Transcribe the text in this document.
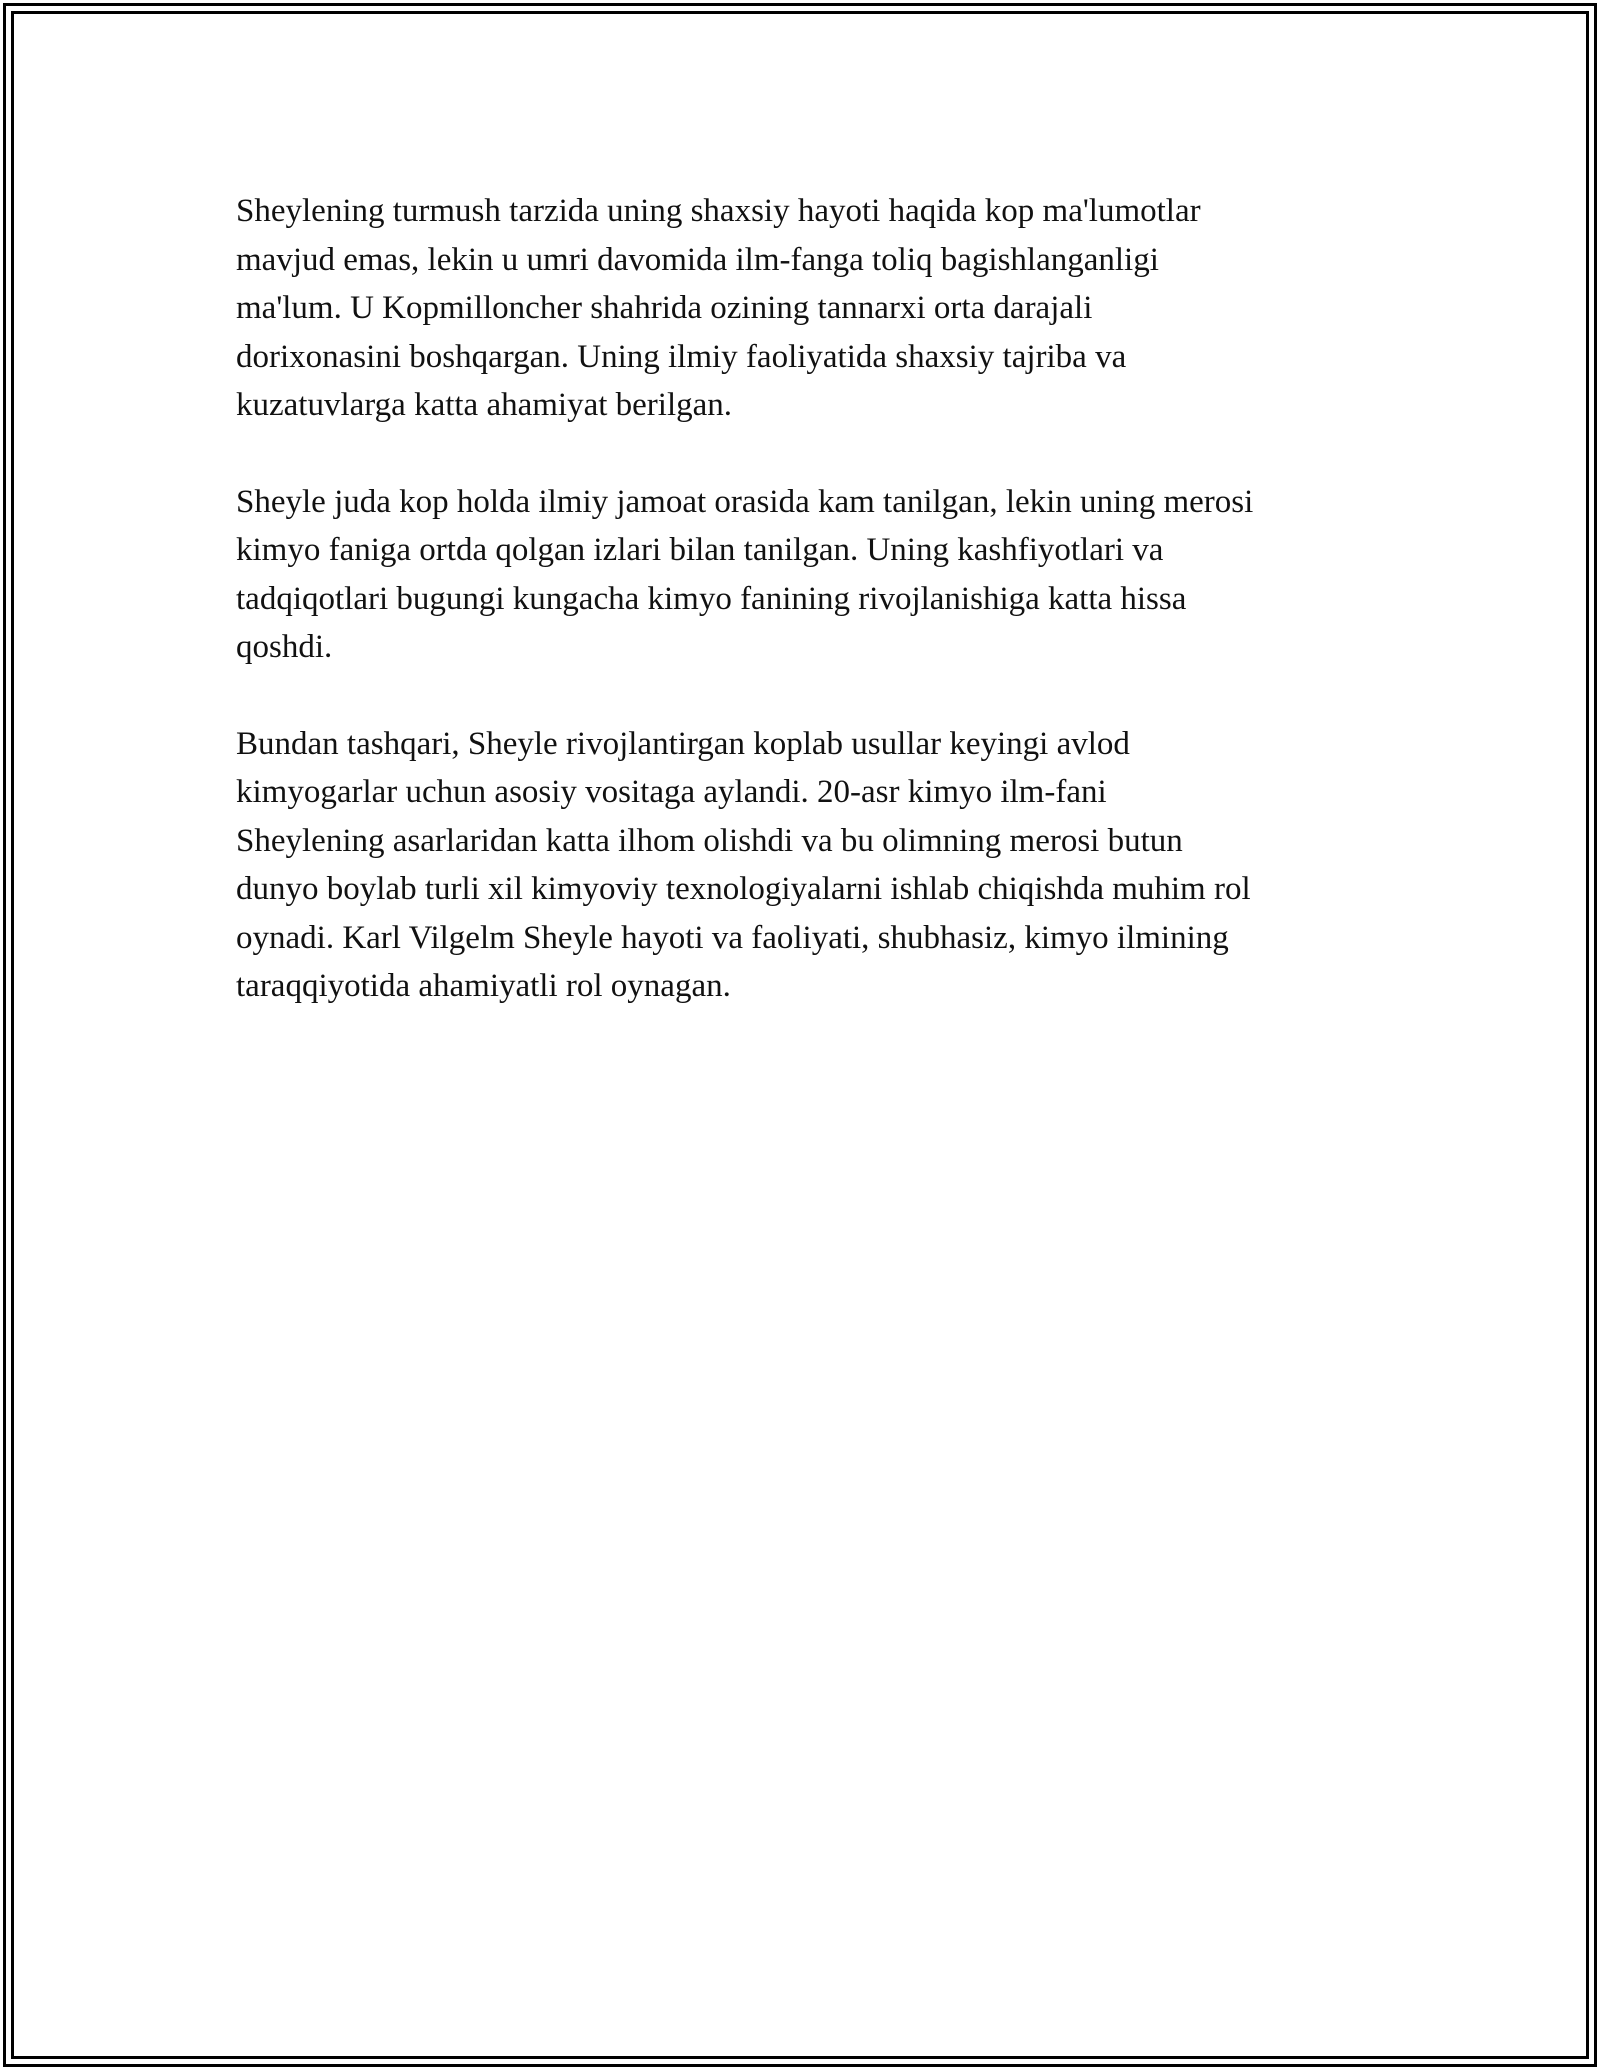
Sheylening turmush tarzida uning shaxsiy hayoti haqida kop ma'lumotlar
mavjud emas, lekin u umri davomida ilm-fanga toliq bagishlanganligi
ma'lum. U Kopmilloncher shahrida ozining tannarxi orta darajali
dorixonasini boshqargan. Uning ilmiy faoliyatida shaxsiy tajriba va
kuzatuvlarga katta ahamiyat berilgan.

Sheyle juda kop holda ilmiy jamoat orasida kam tanilgan, lekin uning merosi
kimyo faniga ortda qolgan izlari bilan tanilgan. Uning kashfiyotlari va
tadqiqotlari bugungi kungacha kimyo fanining rivojlanishiga katta hissa
qoshdi.

Bundan tashqari, Sheyle rivojlantirgan koplab usullar keyingi avlod
kimyogarlar uchun asosiy vositaga aylandi. 20-asr kimyo ilm-fani
Sheylening asarlaridan katta ilhom olishdi va bu olimning merosi butun
dunyo boylab turli xil kimyoviy texnologiyalarni ishlab chiqishda muhim rol
oynadi. Karl Vilgelm Sheyle hayoti va faoliyati, shubhasiz, kimyo ilmining
taraqqiyotida ahamiyatli rol oynagan.
